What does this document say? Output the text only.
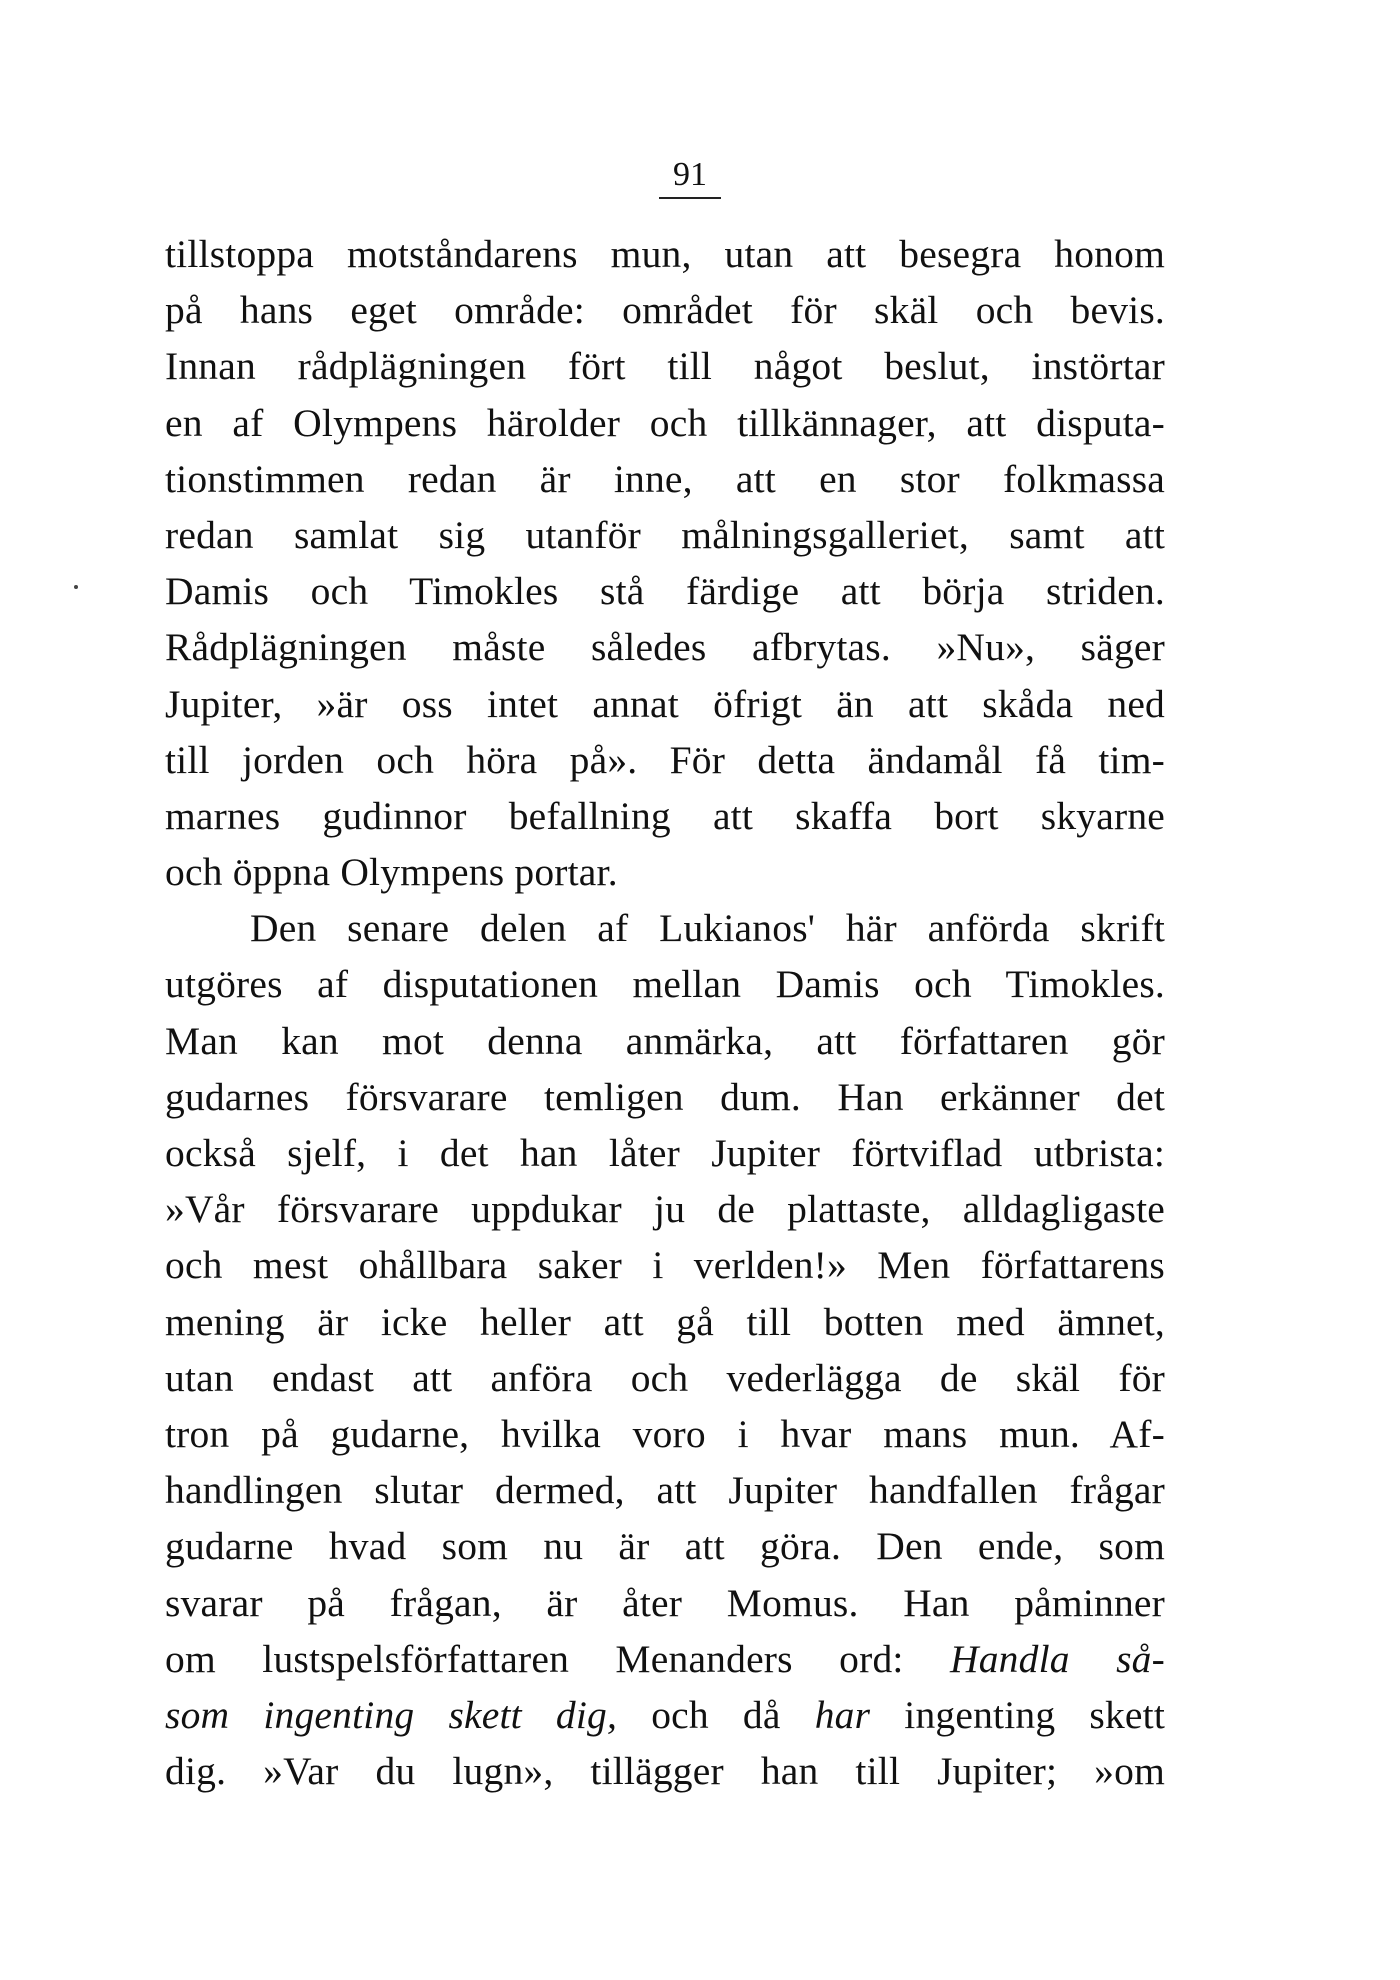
91
tillstoppa motståndarens mun, utan att besegra honom
på hans eget område: området för skäl och bevis.
Innan rådplägningen fört till något beslut, instörtar
en af Olympens härolder och tillkännager, att disputa-
tionstimmen redan är inne, att en stor folkmassa
redan samlat sig utanför målningsgalleriet, samt att
Damis och Timokles stå färdige att börja striden.
Rådplägningen måste således afbrytas. »Nu», säger
Jupiter, »är oss intet annat öfrigt än att skåda ned
till jorden och höra på». För detta ändamål få tim-
marnes gudinnor befallning att skaffa bort skyarne
och öppna Olympens portar.
Den senare delen af Lukianos' här anförda skrift
utgöres af disputationen mellan Damis och Timokles.
Man kan mot denna anmärka, att författaren gör
gudarnes försvarare temligen dum. Han erkänner det
också sjelf, i det han låter Jupiter förtviflad utbrista:
»Vår försvarare uppdukar ju de plattaste, alldagligaste
och mest ohållbara saker i verlden!» Men författarens
mening är icke heller att gå till botten med ämnet,
utan endast att anföra och vederlägga de skäl för
tron på gudarne, hvilka voro i hvar mans mun. Af-
handlingen slutar dermed, att Jupiter handfallen frågar
gudarne hvad som nu är att göra. Den ende, som
svarar på frågan, är åter Momus. Han påminner
om lustspelsförfattaren Menanders ord: Handla så-
som ingenting skett dig, och då har ingenting skett
dig. »Var du lugn», tillägger han till Jupiter; »om
